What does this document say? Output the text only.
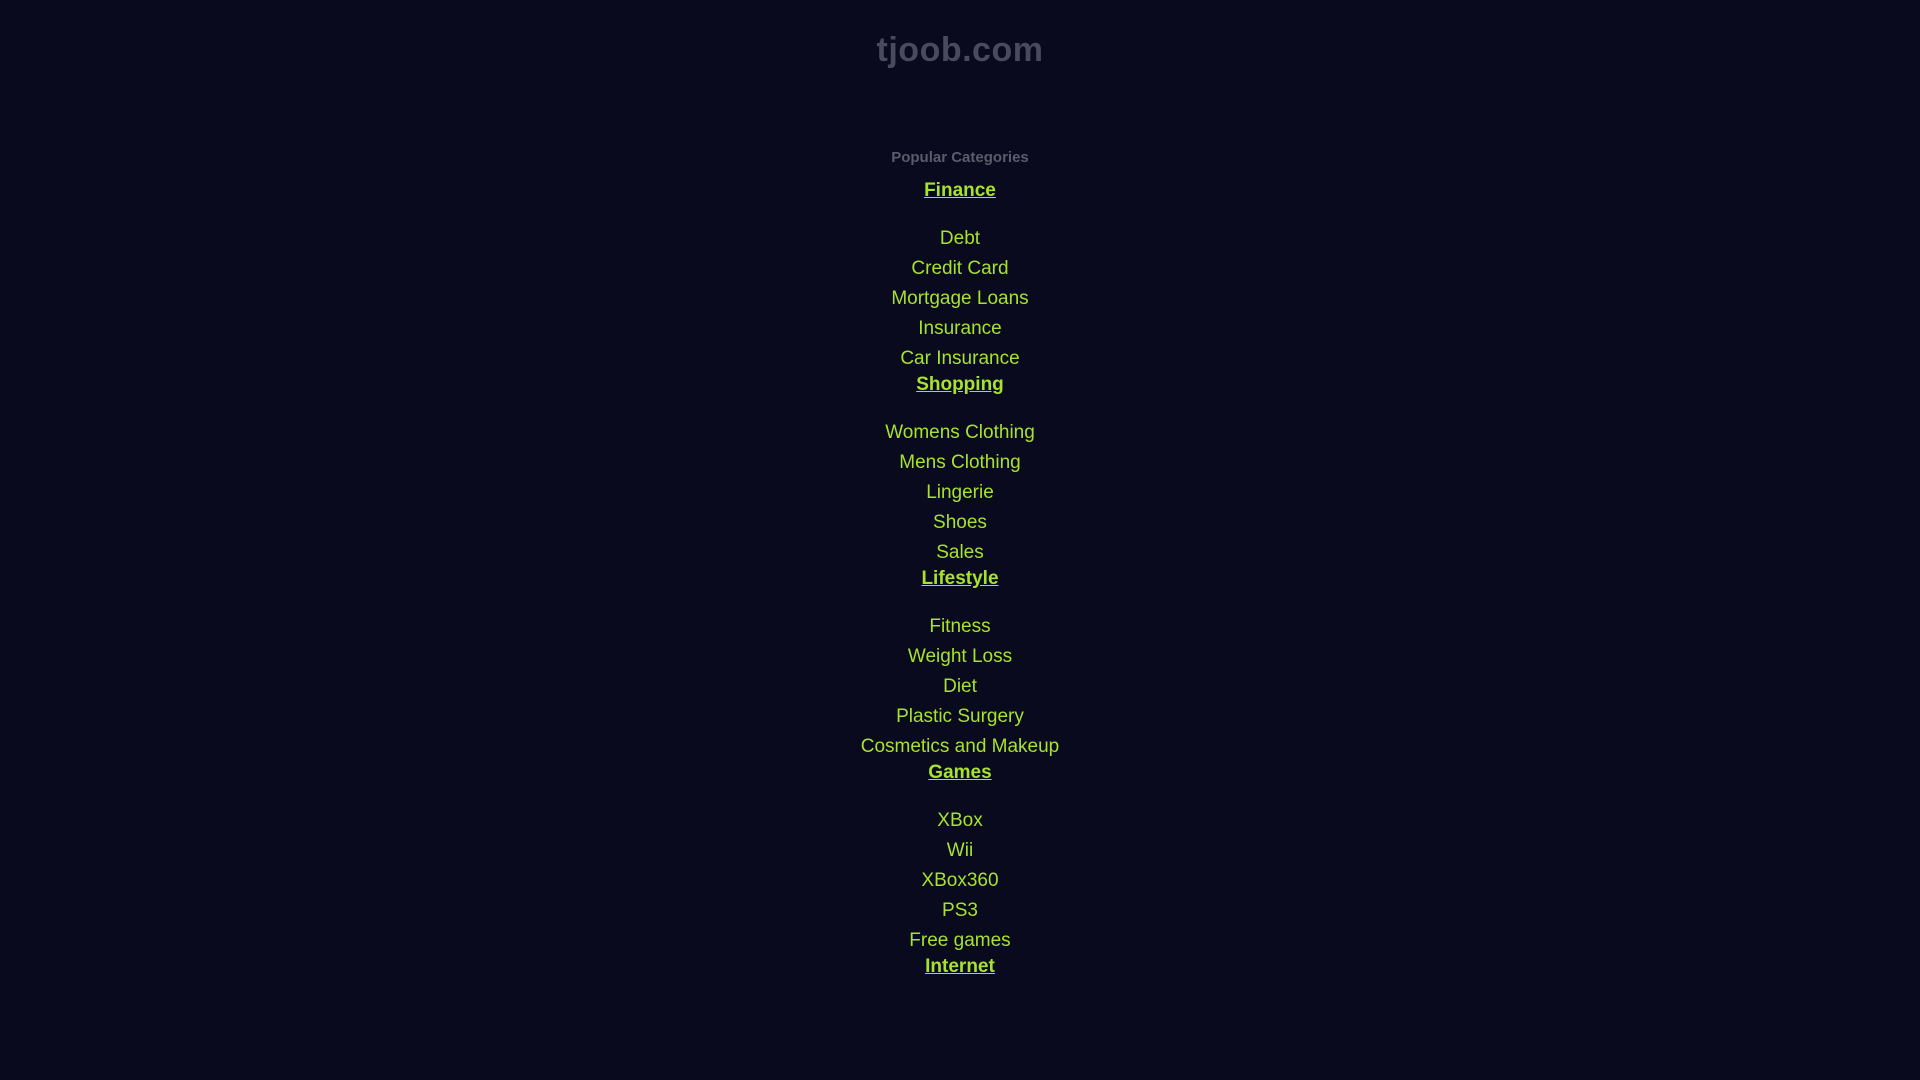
tjoob.com
Popular Categories
Finance
Debt
Credit Card
Mortgage Loans
Insurance
Car Insurance
Shopping
Womens Clothing
Mens Clothing
Lingerie
Shoes
Sales
Lifestyle
Fitness
Weight Loss
Diet
Plastic Surgery
Cosmetics and Makeup
Games
XBox
Wii
XBox360
PS3
Free games
Internet
